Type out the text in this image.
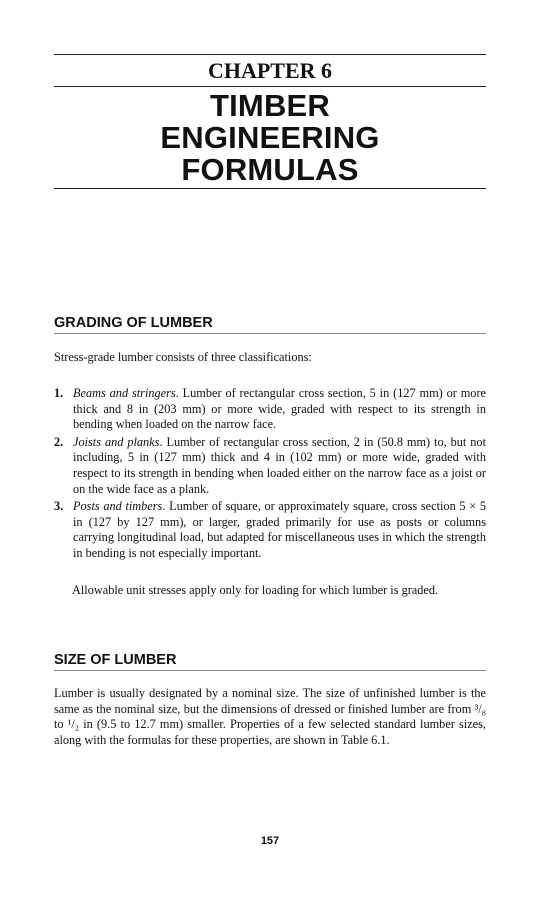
CHAPTER 6
TIMBER
ENGINEERING
FORMULAS
GRADING OF LUMBER
Stress-grade lumber consists of three classifications:
1. Beams and stringers. Lumber of rectangular cross section, 5 in (127 mm) or more thick and 8 in (203 mm) or more wide, graded with respect to its strength in bending when loaded on the narrow face.
2. Joists and planks. Lumber of rectangular cross section, 2 in (50.8 mm) to, but not including, 5 in (127 mm) thick and 4 in (102 mm) or more wide, graded with respect to its strength in bending when loaded either on the narrow face as a joist or on the wide face as a plank.
3. Posts and timbers. Lumber of square, or approximately square, cross section 5 × 5 in (127 by 127 mm), or larger, graded primarily for use as posts or columns carrying longitudinal load, but adapted for miscellaneous uses in which the strength in bending is not especially important.
Allowable unit stresses apply only for loading for which lumber is graded.
SIZE OF LUMBER
Lumber is usually designated by a nominal size. The size of unfinished lumber is the same as the nominal size, but the dimensions of dressed or finished lumber are from ³/₈ to ¹/₂ in (9.5 to 12.7 mm) smaller. Properties of a few selected standard lumber sizes, along with the formulas for these properties, are shown in Table 6.1.
157
